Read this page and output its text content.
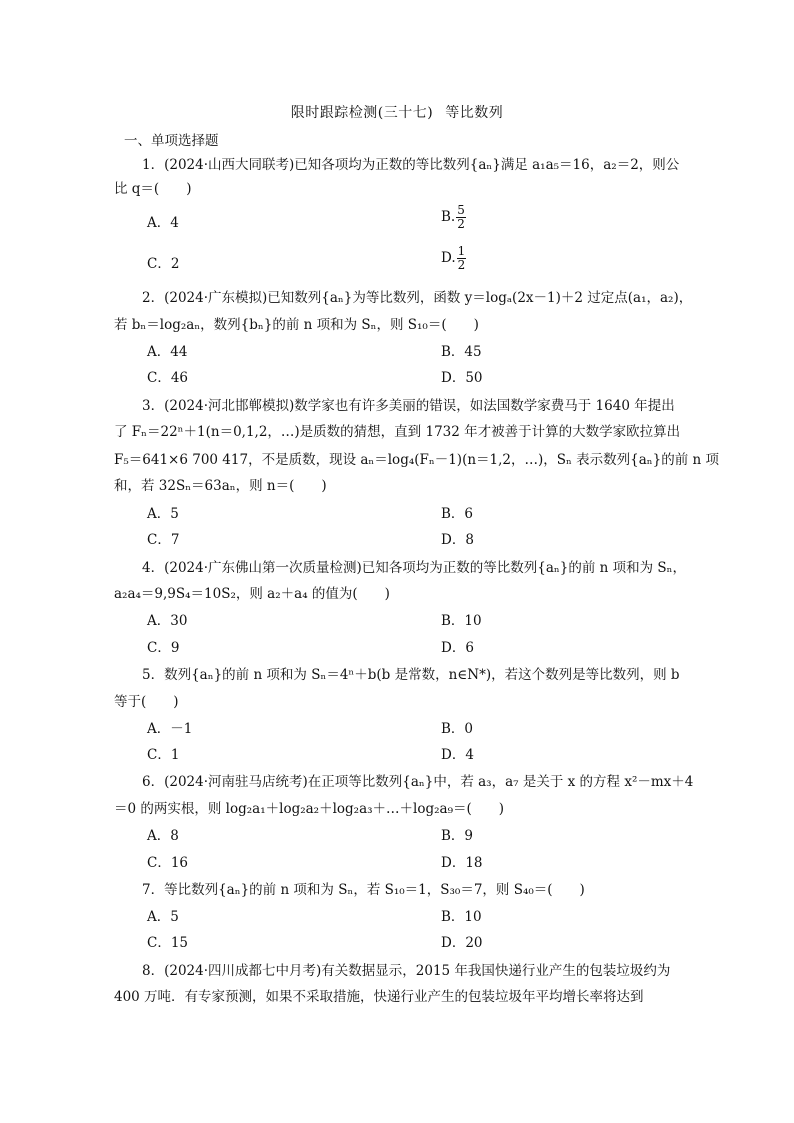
限时跟踪检测(三十七) 等比数列
一、单项选择题
1．(2024·山西大同联考)已知各项均为正数的等比数列{aₙ}满足 a₁a₅＝16，a₂＝2，则公
比 q＝(　　)
A．4	B. $\frac{5}{2}$
C．2	D. $\frac{1}{2}$
2．(2024·广东模拟)已知数列{aₙ}为等比数列，函数 y＝logₐ(2x－1)＋2 过定点(a₁，a₂)，
若 bₙ＝log₂aₙ，数列{bₙ}的前 n 项和为 Sₙ，则 S₁₀＝(　　)
A．44	B．45
C．46	D．50
3．(2024·河北邯郸模拟)数学家也有许多美丽的错误，如法国数学家费马于 1640 年提出
了 Fₙ＝22ⁿ＋1(n＝0,1,2，…)是质数的猜想，直到 1732 年才被善于计算的大数学家欧拉算出
F₅＝641×6 700 417，不是质数，现设 aₙ＝log₄(Fₙ－1)(n＝1,2，…)，Sₙ 表示数列{aₙ}的前 n 项
和，若 32Sₙ＝63aₙ，则 n＝(　　)
A．5	B．6
C．7	D．8
4．(2024·广东佛山第一次质量检测)已知各项均为正数的等比数列{aₙ}的前 n 项和为 Sₙ，
a₂a₄＝9,9S₄＝10S₂，则 a₂＋a₄ 的值为(　　)
A．30	B．10
C．9	D．6
5．数列{aₙ}的前 n 项和为 Sₙ＝4ⁿ＋b(b 是常数，n∈N*)，若这个数列是等比数列，则 b
等于(　　)
A．－1	B．0
C．1	D．4
6．(2024·河南驻马店统考)在正项等比数列{aₙ}中，若 a₃，a₇ 是关于 x 的方程 x²－mx＋4
＝0 的两实根，则 log₂a₁＋log₂a₂＋log₂a₃＋…＋log₂a₉＝(　　)
A．8	B．9
C．16	D．18
7．等比数列{aₙ}的前 n 项和为 Sₙ，若 S₁₀＝1，S₃₀＝7，则 S₄₀＝(　　)
A．5	B．10
C．15	D．20
8．(2024·四川成都七中月考)有关数据显示，2015 年我国快递行业产生的包装垃圾约为
400 万吨．有专家预测，如果不采取措施，快递行业产生的包装垃圾年平均增长率将达到
